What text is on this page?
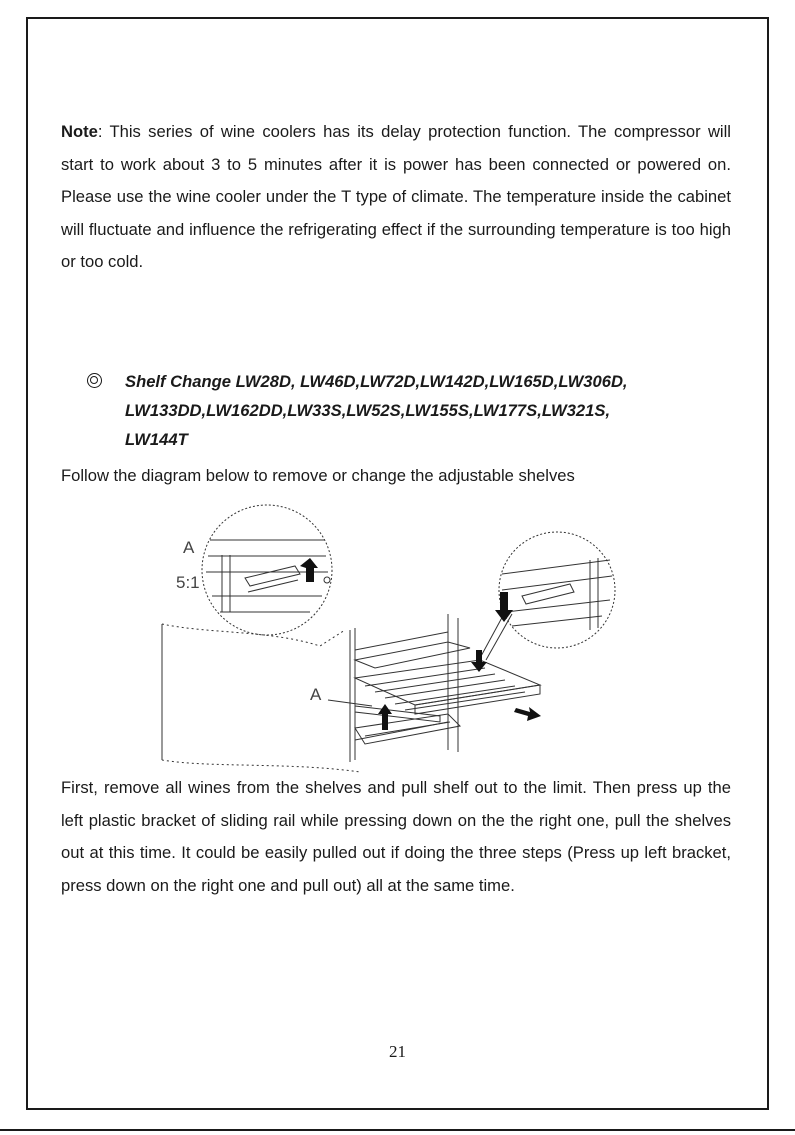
Note: This series of wine coolers has its delay protection function. The compressor will start to work about 3 to 5 minutes after it is power has been connected or powered on. Please use the wine cooler under the T type of climate. The temperature inside the cabinet will fluctuate and influence the refrigerating effect if the surrounding temperature is too high or too cold.

Shelf Change LW28D, LW46D,LW72D,LW142D,LW165D,LW306D,
LW133DD,LW162DD,LW33S,LW52S,LW155S,LW177S,LW321S,
LW144T
Follow the diagram below to remove or change the adjustable shelves
A
5:1
A

First, remove all wines from the shelves and pull shelf out to the limit. Then press up the left plastic bracket of sliding rail while pressing down on the the right one, pull the shelves out at this time. It could be easily pulled out if doing the three steps (Press up left bracket, press down on the right one and pull out) all at the same time.

21
